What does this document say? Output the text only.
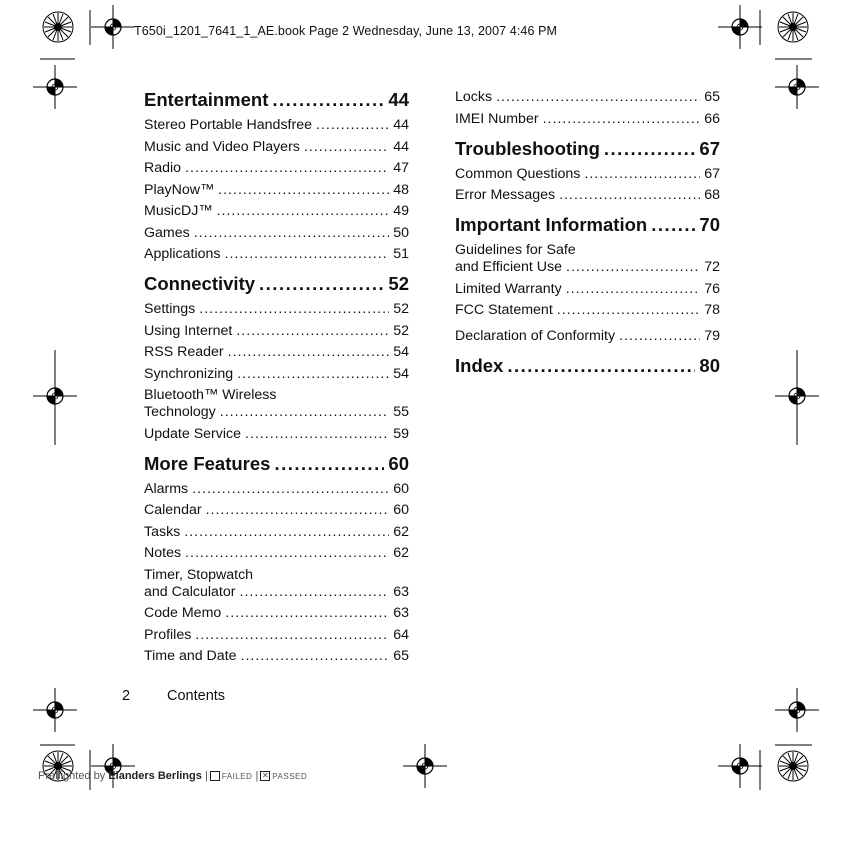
T650i_1201_7641_1_AE.book Page 2 Wednesday, June 13, 2007 4:46 PM
Entertainment .....	44
Stereo Portable Handsfree .....	44
Music and Video Players .....	44
Radio .....	47
PlayNow™ .....	48
MusicDJ™ .....	49
Games .....	50
Applications .....	51
Connectivity .....	52
Settings .....	52
Using Internet .....	52
RSS Reader .....	54
Synchronizing .....	54
Bluetooth™ Wireless
Technology .....	55
Update Service .....	59
More Features .....	60
Alarms .....	60
Calendar .....	60
Tasks .....	62
Notes .....	62
Timer, Stopwatch
and Calculator .....	63
Code Memo .....	63
Profiles .....	64
Time and Date .....	65
Locks .....	65
IMEI Number .....	66
Troubleshooting .....	67
Common Questions .....	67
Error Messages .....	68
Important Information .....	70
Guidelines for Safe
and Efficient Use .....	72
Limited Warranty .....	76
FCC Statement .....	78
Declaration of Conformity .....	79
Index .....	80
2	Contents
Preflighted by Elanders Berlings | FAILED | ✕ PASSED
